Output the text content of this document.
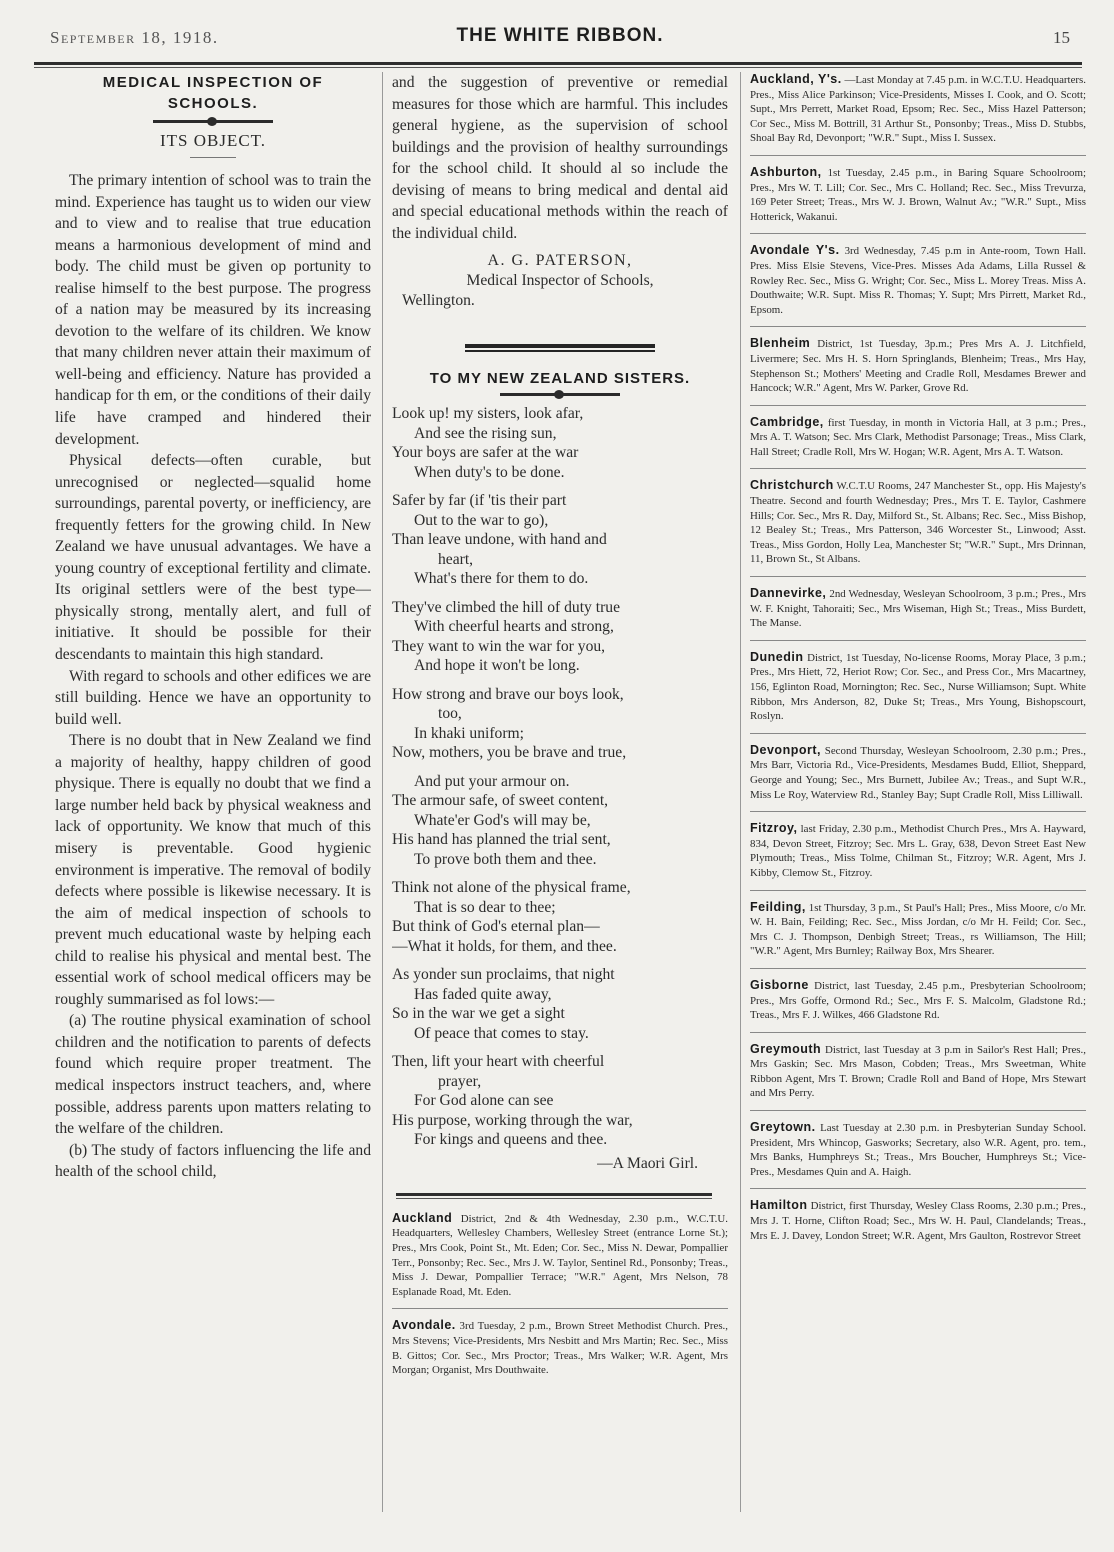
September 18, 1918.	THE WHITE RIBBON.	15
MEDICAL INSPECTION OF SCHOOLS.
ITS OBJECT.

The primary intention of school was to train the mind. Experience has taught us to widen our view and to view and to realise that true education means a harmonious development of mind and body. The child must be given op portunity to realise himself to the best purpose. The progress of a nation may be measured by its increasing devotion to the welfare of its children. We know that many children never attain their maximum of well-being and efficiency. Nature has provided a handicap for th em, or the conditions of their daily life have cramped and hindered their development.

Physical defects—often curable, but unrecognised or neglected—squalid home surroundings, parental poverty, or inefficiency, are frequently fetters for the growing child. In New Zealand we have unusual advantages. We have a young country of exceptional fertility and climate. Its original settlers were of the best type—physically strong, mentally alert, and full of initiative. It should be possible for their descendants to maintain this high standard.

With regard to schools and other edifices we are still building. Hence we have an opportunity to build well.

There is no doubt that in New Zealand we find a majority of healthy, happy children of good physique. There is equally no doubt that we find a large number held back by physical weakness and lack of opportunity. We know that much of this misery is preventable. Good hygienic environment is imperative. The removal of bodily defects where possible is likewise necessary. It is the aim of medical inspection of schools to prevent much educational waste by helping each child to realise his physical and mental best. The essential work of school medical officers may be roughly summarised as fol lows:—

(a) The routine physical examination of school children and the notification to parents of defects found which require proper treatment. The medical inspectors instruct teachers, and, where possible, address parents upon matters relating to the welfare of the children.

(b) The study of factors influencing the life and health of the school child,

and the suggestion of preventive or remedial measures for those which are harmful. This includes general hygiene, as the supervision of school buildings and the provision of healthy surroundings for the school child. It should al so include the devising of means to bring medical and dental aid and special educational methods within the reach of the individual child.

A. G. PATERSON,
Medical Inspector of Schools,
Wellington.
TO MY NEW ZEALAND SISTERS.
Look up! my sisters, look afar,
And see the rising sun,
Your boys are safer at the war
When duty's to be done.
Safer by far (if 'tis their part
Out to the war to go),
Than leave undone, with hand and
heart,
What's there for them to do.
They've climbed the hill of duty true
With cheerful hearts and strong,
They want to win the war for you,
And hope it won't be long.
How strong and brave our boys look,
too,
In khaki uniform;
Now, mothers, you be brave and true,
And put your armour on.
The armour safe, of sweet content,
Whate'er God's will may be,
His hand has planned the trial sent,
To prove both them and thee.
Think not alone of the physical frame,
That is so dear to thee;
But think of God's eternal plan—
—What it holds, for them, and thee.
As yonder sun proclaims, that night
Has faded quite away,
So in the war we get a sight
Of peace that comes to stay.
Then, lift your heart with cheerful
prayer,
For God alone can see
His purpose, working through the war,
For kings and queens and thee.
—A Maori Girl.

Auckland District, 2nd & 4th Wednesday, 2.30 p.m., W.C.T.U. Headquarters, Wellesley Chambers, Wellesley Street (entrance Lorne St.); Pres., Mrs Cook, Point St., Mt. Eden; Cor. Sec., Miss N. Dewar, Pompallier Terr., Ponsonby; Rec. Sec., Mrs J. W. Taylor, Sentinel Rd., Ponsonby; Treas., Miss J. Dewar, Pompallier Terrace; "W.R." Agent, Mrs Nelson, 78 Esplanade Road, Mt. Eden.

Avondale. 3rd Tuesday, 2 p.m., Brown Street Methodist Church. Pres., Mrs Stevens; Vice-Presidents, Mrs Nesbitt and Mrs Martin; Rec. Sec., Miss B. Gittos; Cor. Sec., Mrs Proctor; Treas., Mrs Walker; W.R. Agent, Mrs Morgan; Organist, Mrs Douthwaite.

Auckland, Y's. —Last Monday at 7.45 p.m. in W.C.T.U. Headquarters. Pres., Miss Alice Parkinson; Vice-Presidents, Misses I. Cook, and O. Scott; Supt., Mrs Perrett, Market Road, Epsom; Rec. Sec., Miss Hazel Patterson; Cor Sec., Miss M. Bottrill, 31 Arthur St., Ponsonby; Treas., Miss D. Stubbs, Shoal Bay Rd, Devonport; "W.R." Supt., Miss I. Sussex.

Ashburton, 1st Tuesday, 2.45 p.m., in Baring Square Schoolroom; Pres., Mrs W. T. Lill; Cor. Sec., Mrs C. Holland; Rec. Sec., Miss Trevurza, 169 Peter Street; Treas., Mrs W. J. Brown, Walnut Av.; "W.R." Supt., Miss Hotterick, Wakanui.

Avondale Y's. 3rd Wednesday, 7.45 p.m in Ante-room, Town Hall. Pres. Miss Elsie Stevens, Vice-Pres. Misses Ada Adams, Lilla Russel & Rowley Rec. Sec., Miss G. Wright; Cor. Sec., Miss L. Morey Treas. Miss A. Douthwaite; W.R. Supt. Miss R. Thomas; Y. Supt; Mrs Pirrett, Market Rd., Epsom.

Blenheim District, 1st Tuesday, 3p.m.; Pres Mrs A. J. Litchfield, Livermere; Sec. Mrs H. S. Horn Springlands, Blenheim; Treas., Mrs Hay, Stephenson St.; Mothers' Meeting and Cradle Roll, Mesdames Brewer and Hancock; W.R." Agent, Mrs W. Parker, Grove Rd.

Cambridge, first Tuesday, in month in Victoria Hall, at 3 p.m.; Pres., Mrs A. T. Watson; Sec. Mrs Clark, Methodist Parsonage; Treas., Miss Clark, Hall Street; Cradle Roll, Mrs W. Hogan; W.R. Agent, Mrs A. T. Watson.

Christchurch W.C.T.U Rooms, 247 Manchester St., opp. His Majesty's Theatre. Second and fourth Wednesday; Pres., Mrs T. E. Taylor, Cashmere Hills; Cor. Sec., Mrs R. Day, Milford St., St. Albans; Rec. Sec., Miss Bishop, 12 Bealey St.; Treas., Mrs Patterson, 346 Worcester St., Linwood; Asst. Treas., Miss Gordon, Holly Lea, Manchester St; "W.R." Supt., Mrs Drinnan, 11, Brown St., St Albans.

Dannevirke, 2nd Wednesday, Wesleyan Schoolroom, 3 p.m.; Pres., Mrs W. F. Knight, Tahoraiti; Sec., Mrs Wiseman, High St.; Treas., Miss Burdett, The Manse.

Dunedin District, 1st Tuesday, No-license Rooms, Moray Place, 3 p.m.; Pres., Mrs Hiett, 72, Heriot Row; Cor. Sec., and Press Cor., Mrs Macartney, 156, Eglinton Road, Mornington; Rec. Sec., Nurse Williamson; Supt. White Ribbon, Mrs Anderson, 82, Duke St; Treas., Mrs Young, Bishopscourt, Roslyn.

Devonport, Second Thursday, Wesleyan Schoolroom, 2.30 p.m.; Pres., Mrs Barr, Victoria Rd., Vice-Presidents, Mesdames Budd, Elliot, Sheppard, George and Young; Sec., Mrs Burnett, Jubilee Av.; Treas., and Supt W.R., Miss Le Roy, Waterview Rd., Stanley Bay; Supt Cradle Roll, Miss Lilliwall.

Fitzroy, last Friday, 2.30 p.m., Methodist Church Pres., Mrs A. Hayward, 834, Devon Street, Fitzroy; Sec. Mrs L. Gray, 638, Devon Street East New Plymouth; Treas., Miss Tolme, Chilman St., Fitzroy; W.R. Agent, Mrs J. Kibby, Clemow St., Fitzroy.

Feilding, 1st Thursday, 3 p.m., St Paul's Hall; Pres., Miss Moore, c/o Mr. W. H. Bain, Feilding; Rec. Sec., Miss Jordan, c/o Mr H. Feild; Cor. Sec., Mrs C. J. Thompson, Denbigh Street; Treas., rs Williamson, The Hill; "W.R." Agent, Mrs Burnley; Railway Box, Mrs Shearer.

Gisborne District, last Tuesday, 2.45 p.m., Presbyterian Schoolroom; Pres., Mrs Goffe, Ormond Rd.; Sec., Mrs F. S. Malcolm, Gladstone Rd.; Treas., Mrs F. J. Wilkes, 466 Gladstone Rd.

Greymouth District, last Tuesday at 3 p.m in Sailor's Rest Hall; Pres., Mrs Gaskin; Sec. Mrs Mason, Cobden; Treas., Mrs Sweetman, White Ribbon Agent, Mrs T. Brown; Cradle Roll and Band of Hope, Mrs Stewart and Mrs Perry.

Greytown. Last Tuesday at 2.30 p.m. in Presbyterian Sunday School. President, Mrs Whincop, Gasworks; Secretary, also W.R. Agent, pro. tem., Mrs Banks, Humphreys St.; Treas., Mrs Boucher, Humphreys St.; Vice-Pres., Mesdames Quin and A. Haigh.

Hamilton District, first Thursday, Wesley Class Rooms, 2.30 p.m.; Pres., Mrs J. T. Horne, Clifton Road; Sec., Mrs W. H. Paul, Clandelands; Treas., Mrs E. J. Davey, London Street; W.R. Agent, Mrs Gaulton, Rostrevor Street
